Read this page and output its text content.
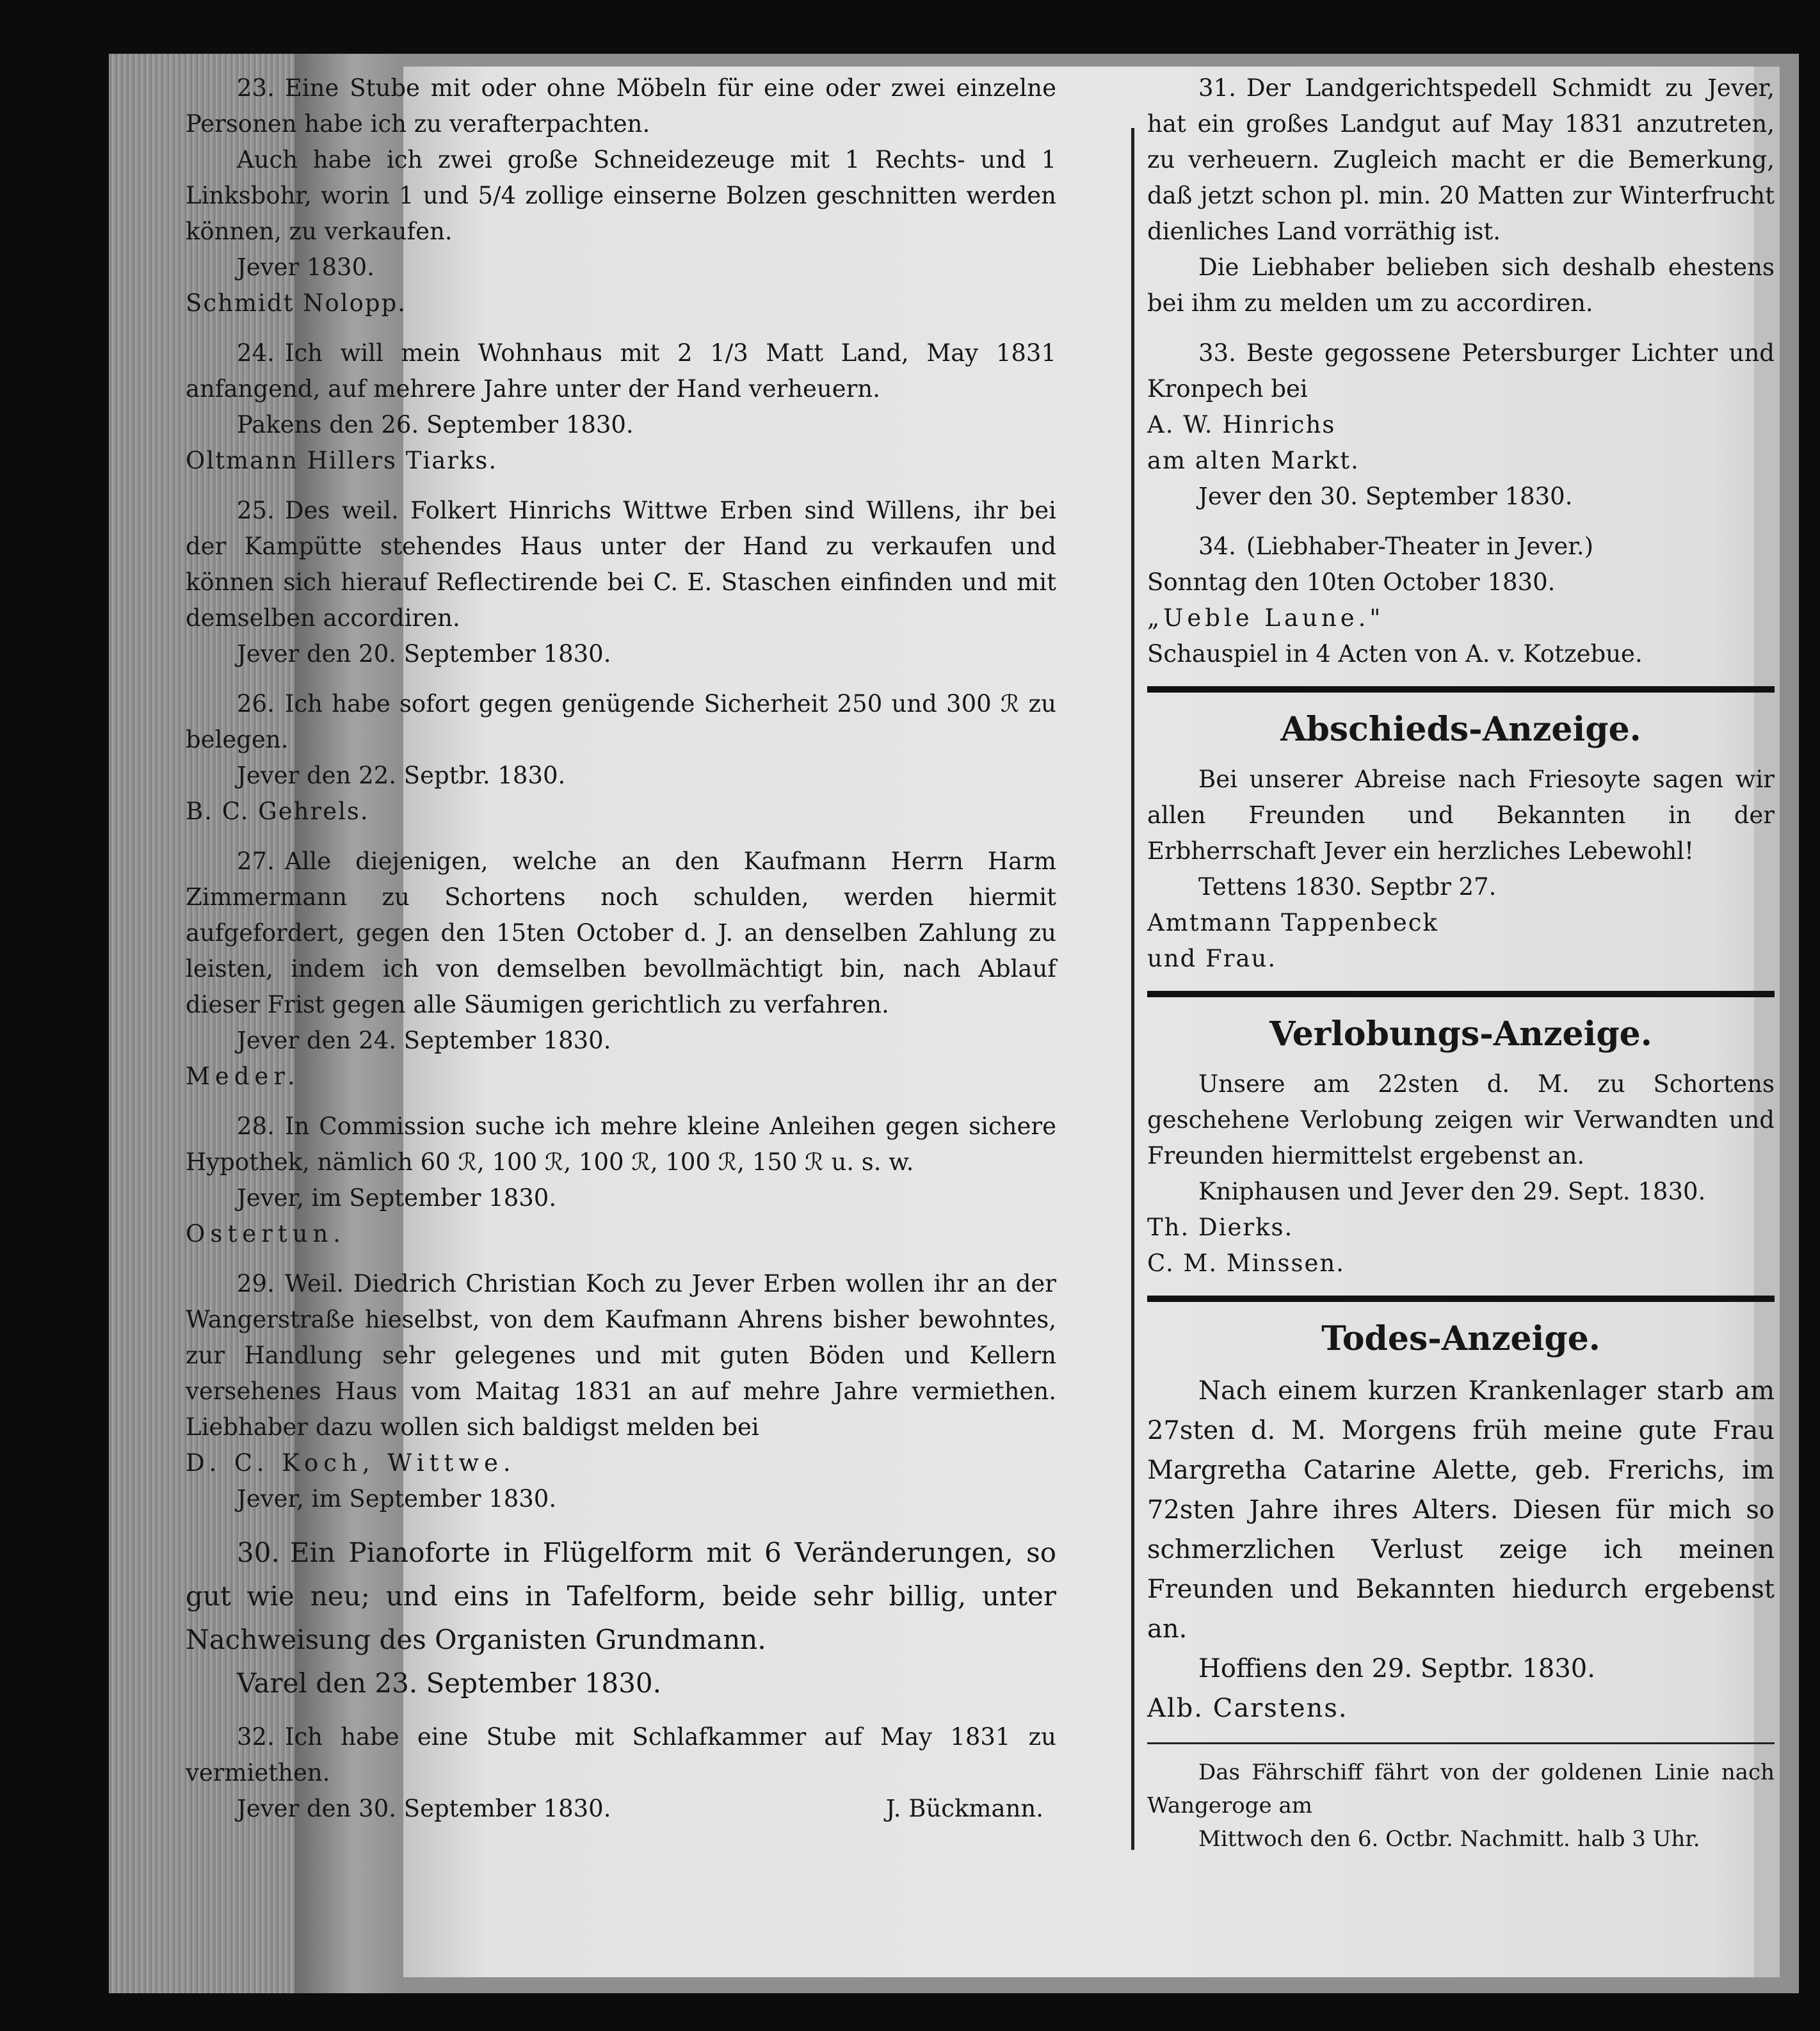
23. Eine Stube mit oder ohne Möbeln für eine oder zwei einzelne Personen habe ich zu verafterpachten.

Auch habe ich zwei große Schneidezeuge mit 1 Rechts- und 1 Linksbohr, worin 1 und 5/4 zollige einserne Bolzen geschnitten werden können, zu verkaufen.

Jever 1830.

Schmidt Nolopp.

24. Ich will mein Wohnhaus mit 2 1/3 Matt Land, May 1831 anfangend, auf mehrere Jahre unter der Hand verheuern.

Pakens den 26. September 1830.

Oltmann Hillers Tiarks.

25. Des weil. Folkert Hinrichs Wittwe Erben sind Willens, ihr bei der Kampütte stehendes Haus unter der Hand zu verkaufen und können sich hierauf Reflectirende bei C. E. Staschen einfinden und mit demselben accordiren.

Jever den 20. September 1830.

26. Ich habe sofort gegen genügende Sicherheit 250 und 300 ℛ zu belegen.

Jever den 22. Septbr. 1830.

B. C. Gehrels.

27. Alle diejenigen, welche an den Kaufmann Herrn Harm Zimmermann zu Schortens noch schulden, werden hiermit aufgefordert, gegen den 15ten October d. J. an denselben Zahlung zu leisten, indem ich von demselben bevollmächtigt bin, nach Ablauf dieser Frist gegen alle Säumigen gerichtlich zu verfahren.

Jever den 24. September 1830.

Meder.

28. In Commission suche ich mehre kleine Anleihen gegen sichere Hypothek, nämlich 60 ℛ, 100 ℛ, 100 ℛ, 100 ℛ, 150 ℛ u. s. w.

Jever, im September 1830.

Ostertun.

29. Weil. Diedrich Christian Koch zu Jever Erben wollen ihr an der Wangerstraße hieselbst, von dem Kaufmann Ahrens bisher bewohntes, zur Handlung sehr gelegenes und mit guten Böden und Kellern versehenes Haus vom Maitag 1831 an auf mehre Jahre vermiethen. Liebhaber dazu wollen sich baldigst melden bei

D. C. Koch, Wittwe.

Jever, im September 1830.

30. Ein Pianoforte in Flügelform mit 6 Veränderungen, so gut wie neu; und eins in Tafelform, beide sehr billig, unter Nachweisung des Organisten Grundmann.

Varel den 23. September 1830.

32. Ich habe eine Stube mit Schlafkammer auf May 1831 zu vermiethen.

Jever den 30. September 1830.	J. Bückmann.

31. Der Landgerichtspedell Schmidt zu Jever, hat ein großes Landgut auf May 1831 anzutreten, zu verheuern. Zugleich macht er die Bemerkung, daß jetzt schon pl. min. 20 Matten zur Winterfrucht dienliches Land vorräthig ist.

Die Liebhaber belieben sich deshalb ehestens bei ihm zu melden um zu accordiren.

33. Beste gegossene Petersburger Lichter und Kronpech bei

A. W. Hinrichs

am alten Markt.

Jever den 30. September 1830.

34. (Liebhaber-Theater in Jever.)

Sonntag den 10ten October 1830.

„Ueble Laune."

Schauspiel in 4 Acten von A. v. Kotzebue.

Abschieds-Anzeige.

Bei unserer Abreise nach Friesoyte sagen wir allen Freunden und Bekannten in der Erbherrschaft Jever ein herzliches Lebewohl!

Tettens 1830. Septbr 27.

Amtmann Tappenbeck

und Frau.

Verlobungs-Anzeige.

Unsere am 22sten d. M. zu Schortens geschehene Verlobung zeigen wir Verwandten und Freunden hiermittelst ergebenst an.

Kniphausen und Jever den 29. Sept. 1830.

Th. Dierks.

C. M. Minssen.

Todes-Anzeige.

Nach einem kurzen Krankenlager starb am 27sten d. M. Morgens früh meine gute Frau Margretha Catarine Alette, geb. Frerichs, im 72sten Jahre ihres Alters. Diesen für mich so schmerzlichen Verlust zeige ich meinen Freunden und Bekannten hiedurch ergebenst an.

Hoffiens den 29. Septbr. 1830.

Alb. Carstens.

Das Fährschiff fährt von der goldenen Linie nach Wangeroge am

Mittwoch den 6. Octbr. Nachmitt. halb 3 Uhr.
